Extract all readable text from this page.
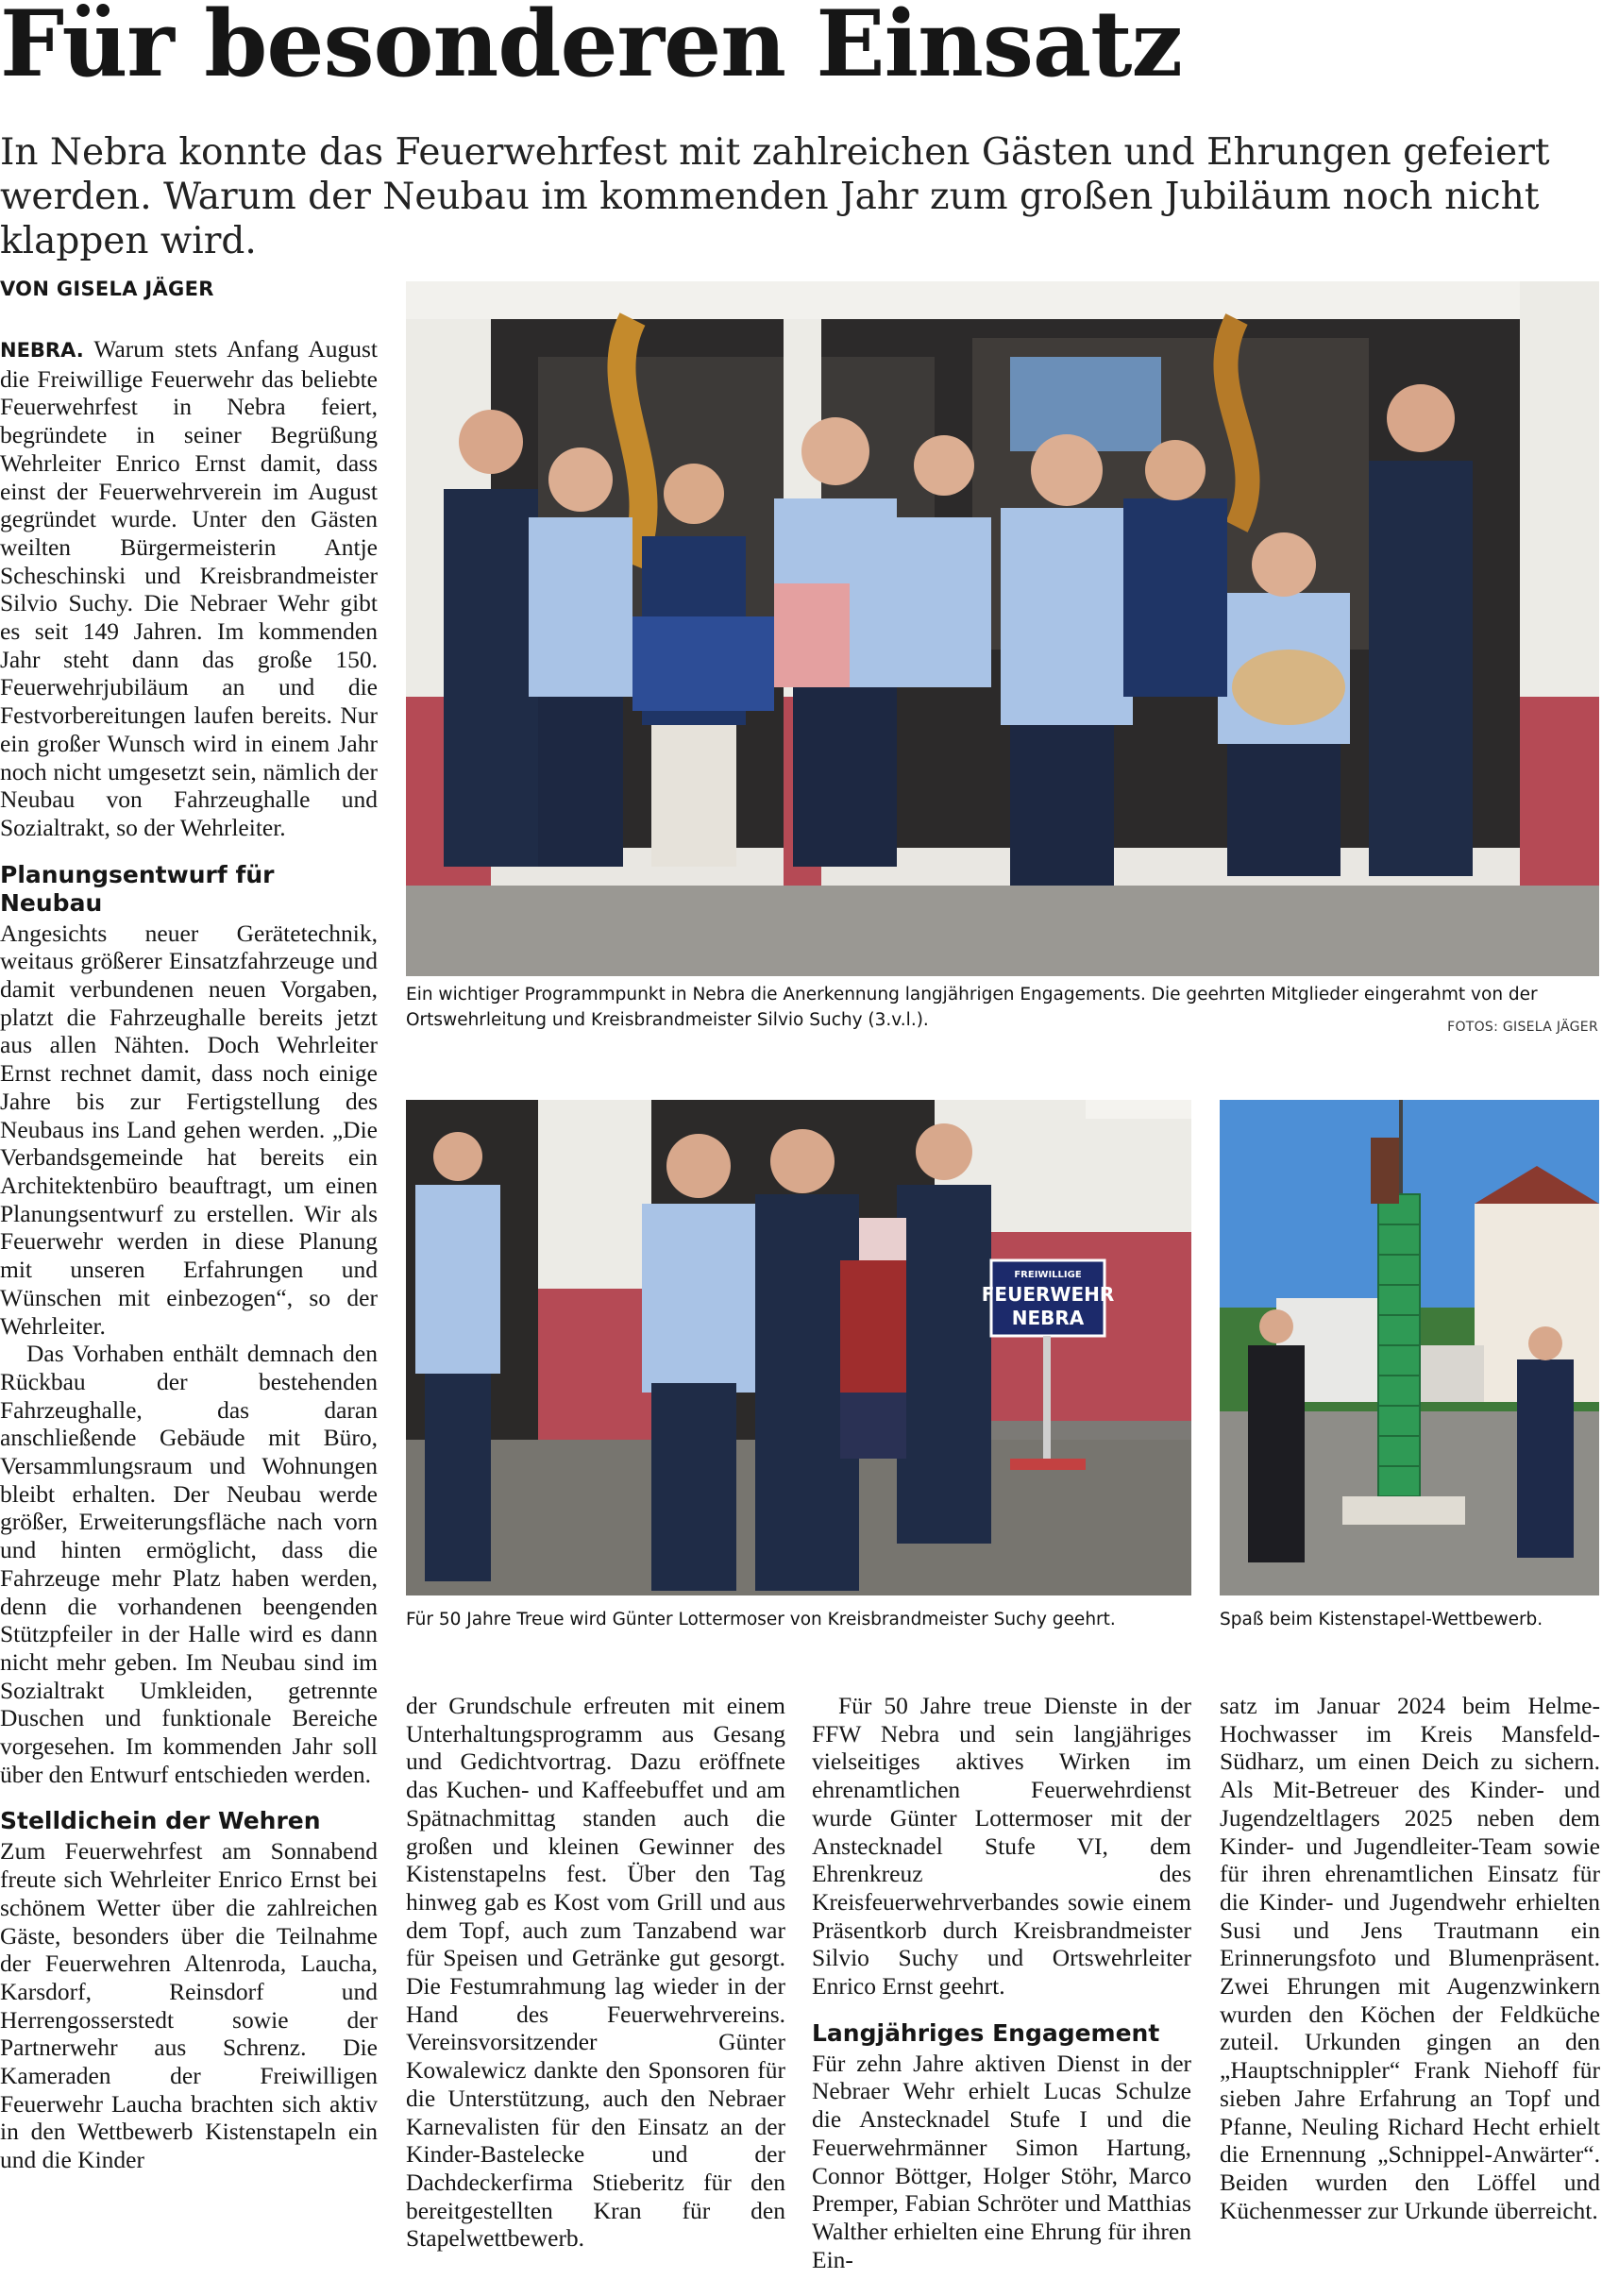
Für besonderen Einsatz

In Nebra konnte das Feuerwehrfest mit zahlreichen Gästen und Ehrungen gefeiert werden. Warum der Neubau im kommenden Jahr zum großen Jubiläum noch nicht klappen wird.

VON GISELA JÄGER

NEBRA. Warum stets Anfang August die Freiwillige Feuerwehr das beliebte Feuerwehrfest in Nebra feiert, begründete in seiner Begrüßung Wehrleiter Enrico Ernst damit, dass einst der Feuerwehrverein im August gegründet wurde. Unter den Gästen weilten Bürgermeisterin Antje Scheschinski und Kreisbrandmeister Silvio Suchy. Die Nebraer Wehr gibt es seit 149 Jahren. Im kommenden Jahr steht dann das große 150. Feuerwehrjubiläum an und die Festvorbereitungen laufen bereits. Nur ein großer Wunsch wird in einem Jahr noch nicht umgesetzt sein, nämlich der Neubau von Fahrzeughalle und Sozialtrakt, so der Wehrleiter.

Planungsentwurf für Neubau

Angesichts neuer Gerätetechnik, weitaus größerer Einsatzfahrzeuge und damit verbundenen neuen Vorgaben, platzt die Fahrzeughalle bereits jetzt aus allen Nähten. Doch Wehrleiter Ernst rechnet damit, dass noch einige Jahre bis zur Fertigstellung des Neubaus ins Land gehen werden. „Die Verbandsgemeinde hat bereits ein Architektenbüro beauftragt, um einen Planungsentwurf zu erstellen. Wir als Feuerwehr werden in diese Planung mit unseren Erfahrungen und Wünschen mit einbezogen“, so der Wehrleiter.

Das Vorhaben enthält demnach den Rückbau der bestehenden Fahrzeughalle, das daran anschließende Gebäude mit Büro, Versammlungsraum und Wohnungen bleibt erhalten. Der Neubau werde größer, Erweiterungsfläche nach vorn und hinten ermöglicht, dass die Fahrzeuge mehr Platz haben werden, denn die vorhandenen beengenden Stützpfeiler in der Halle wird es dann nicht mehr geben. Im Neubau sind im Sozialtrakt Umkleiden, getrennte Duschen und funktionale Bereiche vorgesehen. Im kommenden Jahr soll über den Entwurf entschieden werden.

Stelldichein der Wehren

Zum Feuerwehrfest am Sonnabend freute sich Wehrleiter Enrico Ernst bei schönem Wetter über die zahlreichen Gäste, besonders über die Teilnahme der Feuerwehren Altenroda, Laucha, Karsdorf, Reinsdorf und Herrengosserstedt sowie der Partnerwehr aus Schrenz. Die Kameraden der Freiwilligen Feuerwehr Laucha brachten sich aktiv in den Wettbewerb Kistenstapeln ein und die Kinder

der Grundschule erfreuten mit einem Unterhaltungsprogramm aus Gesang und Gedichtvortrag. Dazu eröffnete das Kuchen- und Kaffeebuffet und am Spätnachmittag standen auch die großen und kleinen Gewinner des Kistenstapelns fest. Über den Tag hinweg gab es Kost vom Grill und aus dem Topf, auch zum Tanzabend war für Speisen und Getränke gut gesorgt. Die Festumrahmung lag wieder in der Hand des Feuerwehrvereins. Vereinsvorsitzender Günter Kowalewicz dankte den Sponsoren für die Unterstützung, auch den Nebraer Karnevalisten für den Einsatz an der Kinder-Bastelecke und der Dachdeckerfirma Stieberitz für den bereitgestellten Kran für den Stapelwettbewerb.

Für 50 Jahre treue Dienste in der FFW Nebra und sein langjähriges vielseitiges aktives Wirken im ehrenamtlichen Feuerwehrdienst wurde Günter Lottermoser mit der Anstecknadel Stufe VI, dem Ehrenkreuz des Kreisfeuerwehrverbandes sowie einem Präsentkorb durch Kreisbrandmeister Silvio Suchy und Ortswehrleiter Enrico Ernst geehrt.

Langjähriges Engagement

Für zehn Jahre aktiven Dienst in der Nebraer Wehr erhielt Lucas Schulze die Anstecknadel Stufe I und die Feuerwehrmänner Simon Hartung, Connor Böttger, Holger Stöhr, Marco Premper, Fabian Schröter und Matthias Walther erhielten eine Ehrung für ihren Ein-

satz im Januar 2024 beim Helme-Hochwasser im Kreis Mansfeld-Südharz, um einen Deich zu sichern. Als Mit-Betreuer des Kinder- und Jugendzeltlagers 2025 neben dem Kinder- und Jugendleiter-Team sowie für ihren ehrenamtlichen Einsatz für die Kinder- und Jugendwehr erhielten Susi und Jens Trautmann ein Erinnerungsfoto und Blumenpräsent. Zwei Ehrungen mit Augenzwinkern wurden den Köchen der Feldküche zuteil. Urkunden gingen an den „Hauptschnippler“ Frank Niehoff für sieben Jahre Erfahrung an Topf und Pfanne, Neuling Richard Hecht erhielt die Ernennung „Schnippel-Anwärter“. Beiden wurden den Löffel und Küchenmesser zur Urkunde überreicht.

Ein wichtiger Programmpunkt in Nebra die Anerkennung langjährigen Engagements. Die geehrten Mitglieder eingerahmt von der Ortswehrleitung und Kreisbrandmeister Silvio Suchy (3.v.l.).	FOTOS: GISELA JÄGER
FREIWILLIGE
FEUERWEHR
NEBRA
Für 50 Jahre Treue wird Günter Lottermoser von Kreisbrandmeister Suchy geehrt.	Spaß beim Kistenstapel-Wettbewerb.
